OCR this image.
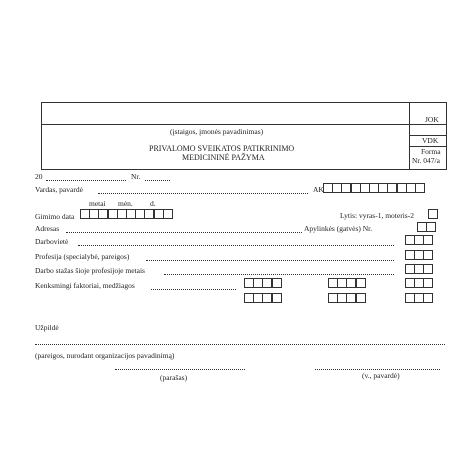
JOK
VDK
Forma
Nr. 047/a
(įstaigos, įmonės pavadinimas)
PRIVALOMO SVEIKATOS PATIKRINIMO
MEDICININĖ PAŽYMA
20	Nr.
Vardas, pavardė	AK
metai mėn. d.
Gimimo data	Lytis: vyras-1, moteris-2
Adresas	Apylinkės (gatvės) Nr.
Darbovietė
Profesija (specialybė, pareigos)
Darbo stažas šioje profesijoje metais
Kenksmingi faktoriai, medžiagos
Užpildė
(pareigos, nurodant organizacijos pavadinimą)
(parašas)	(v., pavardė)
